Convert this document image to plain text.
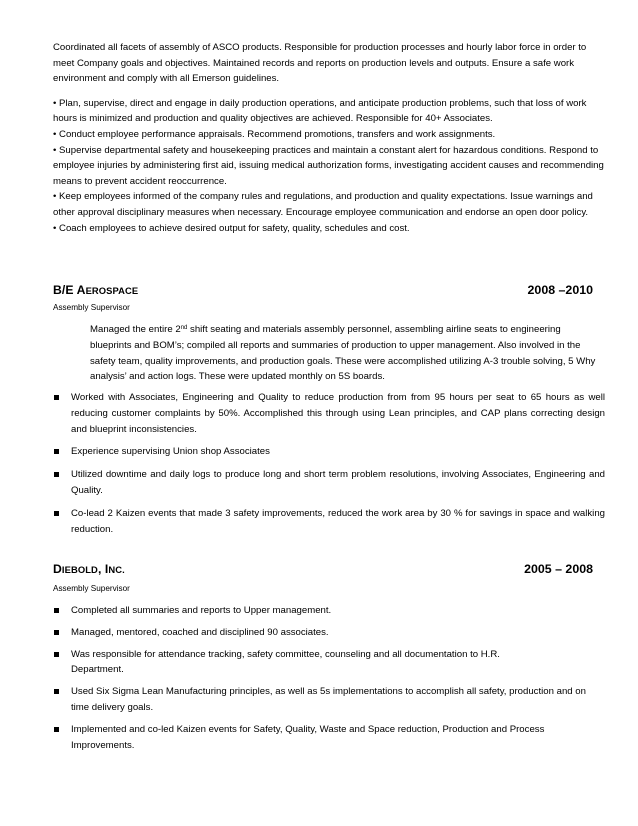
Coordinated all facets of assembly of ASCO products. Responsible for production processes and hourly labor force in order to meet Company goals and objectives. Maintained records and reports on production levels and outputs. Ensure a safe work environment and comply with all Emerson guidelines.

• Plan, supervise, direct and engage in daily production operations, and anticipate production problems, such that loss of work hours is minimized and production and quality objectives are achieved. Responsible for 40+ Associates.
• Conduct employee performance appraisals. Recommend promotions, transfers and work assignments.
• Supervise departmental safety and housekeeping practices and maintain a constant alert for hazardous conditions. Respond to employee injuries by administering first aid, issuing medical authorization forms, investigating accident causes and recommending means to prevent accident reoccurrence.
• Keep employees informed of the company rules and regulations, and production and quality expectations. Issue warnings and other approval disciplinary measures when necessary. Encourage employee communication and endorse an open door policy.
• Coach employees to achieve desired output for safety, quality, schedules and cost.
B/E AEROSPACE	2008 –2010
Assembly Supervisor
Managed the entire 2nd shift seating and materials assembly personnel, assembling airline seats to engineering blueprints and BOM’s; compiled all reports and summaries of production to upper management. Also involved in the safety team, quality improvements, and production goals. These were accomplished utilizing A-3 trouble solving, 5 Why analysis’ and action logs. These were updated monthly on 5S boards.
Worked with Associates, Engineering and Quality to reduce production from from 95 hours per seat to 65 hours as well reducing customer complaints by 50%. Accomplished this through using Lean principles, and CAP plans correcting design and blueprint inconsistencies.
Experience supervising Union shop Associates
Utilized downtime and daily logs to produce long and short term problem resolutions, involving Associates, Engineering and Quality.
Co-lead 2 Kaizen events that made 3 safety improvements, reduced the work area by 30 % for savings in space and walking reduction.
DIEBOLD, INC.	2005 – 2008
Assembly Supervisor
Completed all summaries and reports to Upper management.
Managed, mentored, coached and disciplined 90 associates.
Was responsible for attendance tracking, safety committee, counseling and all documentation to H.R. Department.
Used Six Sigma Lean Manufacturing principles, as well as 5s implementations to accomplish all safety, production and on time delivery goals.
Implemented and co-led Kaizen events for Safety, Quality, Waste and Space reduction, Production and Process Improvements.
